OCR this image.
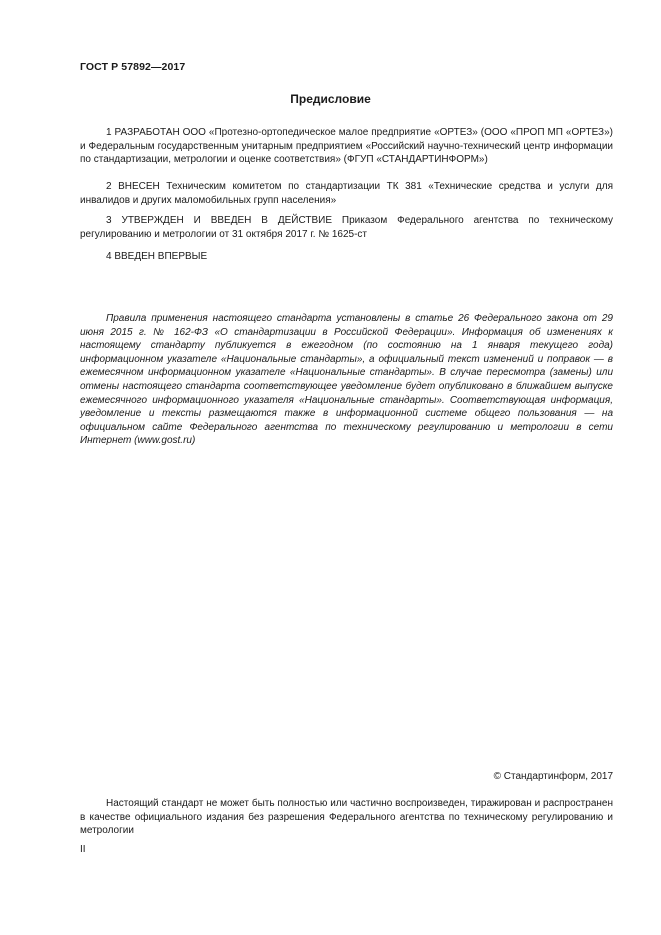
ГОСТ Р 57892—2017
Предисловие

1 РАЗРАБОТАН ООО «Протезно-ортопедическое малое предприятие «ОРТЕЗ» (ООО «ПРОП МП «ОРТЕЗ») и Федеральным государственным унитарным предприятием «Российский научно-технический центр информации по стандартизации, метрологии и оценке соответствия» (ФГУП «СТАНДАРТИНФОРМ»)

2 ВНЕСЕН Техническим комитетом по стандартизации ТК 381 «Технические средства и услуги для инвалидов и других маломобильных групп населения»

3 УТВЕРЖДЕН И ВВЕДЕН В ДЕЙСТВИЕ Приказом Федерального агентства по техническому регулированию и метрологии от 31 октября 2017 г. № 1625-ст

4 ВВЕДЕН ВПЕРВЫЕ

Правила применения настоящего стандарта установлены в статье 26 Федерального закона от 29 июня 2015 г. № 162-ФЗ «О стандартизации в Российской Федерации». Информация об изменениях к настоящему стандарту публикуется в ежегодном (по состоянию на 1 января текущего года) информационном указателе «Национальные стандарты», а официальный текст изменений и поправок — в ежемесячном информационном указателе «Национальные стандарты». В случае пересмотра (замены) или отмены настоящего стандарта соответствующее уведомление будет опубликовано в ближайшем выпуске ежемесячного информационного указателя «Национальные стандарты». Соответствующая информация, уведомление и тексты размещаются также в информационной системе общего пользования — на официальном сайте Федерального агентства по техническому регулированию и метрологии в сети Интернет (www.gost.ru)

© Стандартинформ, 2017

Настоящий стандарт не может быть полностью или частично воспроизведен, тиражирован и распространен в качестве официального издания без разрешения Федерального агентства по техническому регулированию и метрологии

II
